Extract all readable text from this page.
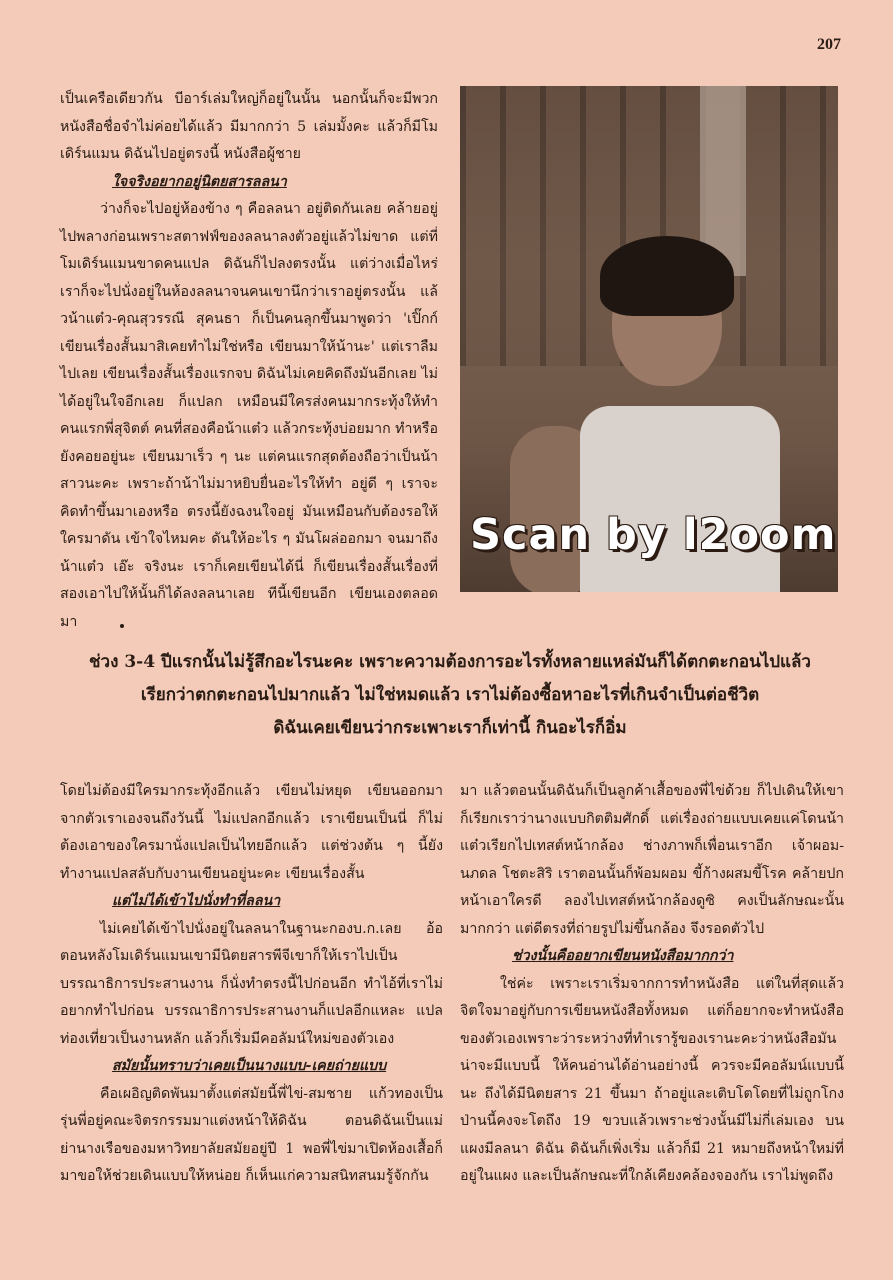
207

เป็นเครือเดียวกัน บีอาร์เล่มใหญ่ก็อยู่ในนั้น นอกนั้นก็จะมีพวกหนังสือชื่อจำไม่ค่อยได้แล้ว มีมากกว่า 5 เล่มมั้งคะ แล้วก็มีโมเดิร์นแมน ดิฉันไปอยู่ตรงนี้ หนังสือผู้ชาย

ใจจริงอยากอยู่นิตยสารลลนา

ว่างก็จะไปอยู่ห้องข้าง ๆ คือลลนา อยู่ติดกันเลย คล้ายอยู่ไปพลางก่อนเพราะสตาฟฟ์ของลลนาลงตัวอยู่แล้วไม่ขาด แต่ที่โมเดิร์นแมนขาดคนแปล ดิฉันก็ไปลงตรงนั้น แต่ว่างเมื่อไหร่เราก็จะไปนั่งอยู่ในห้องลลนาจนคนเขานึกว่าเราอยู่ตรงนั้น แล้วน้าแต๋ว-คุณสุวรรณี สุคนธา ก็เป็นคนลุกขึ้นมาพูดว่า 'เปิ๊กก์ เขียนเรื่องสั้นมาสิเคยทำไม่ใช่หรือ เขียนมาให้น้านะ' แต่เราลืมไปเลย เขียนเรื่องสั้นเรื่องแรกจบ ดิฉันไม่เคยคิดถึงมันอีกเลย ไม่ได้อยู่ในใจอีกเลย ก็แปลก เหมือนมีใครส่งคนมากระทุ้งให้ทำ คนแรกพี่สุจิตต์ คนที่สองคือน้าแต๋ว แล้วกระทุ้งบ่อยมาก ทำหรือยังคอยอยู่นะ เขียนมาเร็ว ๆ นะ แต่คนแรกสุดต้องถือว่าเป็นน้าสาวนะคะ เพราะถ้าน้าไม่มาหยิบยื่นอะไรให้ทำ อยู่ดี ๆ เราจะคิดทำขึ้นมาเองหรือ ตรงนี้ยังฉงนใจอยู่ มันเหมือนกับต้องรอให้ใครมาดัน เข้าใจไหมคะ ดันให้อะไร ๆ มันโผล่ออกมา จนมาถึงน้าแต๋ว เอ๊ะ จริงนะ เราก็เคยเขียนได้นี่ ก็เขียนเรื่องสั้นเรื่องที่สองเอาไปให้นั้นก็ได้ลงลลนาเลย ทีนี้เขียนอีก เขียนเองตลอดมา

Scan by l2oom
ช่วง 3-4 ปีแรกนั้นไม่รู้สึกอะไรนะคะ เพราะความต้องการอะไรทั้งหลายแหล่มันก็ได้ตกตะกอนไปแล้ว
เรียกว่าตกตะกอนไปมากแล้ว ไม่ใช่หมดแล้ว เราไม่ต้องซื้อหาอะไรที่เกินจำเป็นต่อชีวิต
ดิฉันเคยเขียนว่ากระเพาะเราก็เท่านี้ กินอะไรก็อิ่ม

โดยไม่ต้องมีใครมากระทุ้งอีกแล้ว เขียนไม่หยุด เขียนออกมาจากตัวเราเองจนถึงวันนี้ ไม่แปลกอีกแล้ว เราเขียนเป็นนี่ ก็ไม่ต้องเอาของใครมานั่งแปลเป็นไทยอีกแล้ว แต่ช่วงต้น ๆ นี้ยังทำงานแปลสลับกับงานเขียนอยู่นะคะ เขียนเรื่องสั้น

แต่ไม่ได้เข้าไปนั่งทำที่ลลนา

ไม่เคยได้เข้าไปนั่งอยู่ในลลนาในฐานะกองบ.ก.เลย อ้อ ตอนหลังโมเดิร์นแมนเขามีนิตยสารพีจีเขาก็ให้เราไปเป็นบรรณาธิการประสานงาน ก็นั่งทำตรงนี้ไปก่อนอีก ทำไอ้ที่เราไม่อยากทำไปก่อน บรรณาธิการประสานงานก็แปลอีกแหละ แปลท่องเที่ยวเป็นงานหลัก แล้วก็เริ่มมีคอลัมน์ใหม่ของตัวเอง

สมัยนั้นทราบว่าเคยเป็นนางแบบ-เคยถ่ายแบบ

คือเผอิญติดพันมาตั้งแต่สมัยนี้พี่ไข่-สมชาย แก้วทองเป็นรุ่นพี่อยู่คณะจิตรกรรมมาแต่งหน้าให้ดิฉัน ตอนดิฉันเป็นแม่ย่านางเรือของมหาวิทยาลัยสมัยอยู่ปี 1 พอพี่ไข่มาเปิดห้องเสื้อก็มาขอให้ช่วยเดินแบบให้หน่อย ก็เห็นแก่ความสนิทสนมรู้จักกัน

มา แล้วตอนนั้นดิฉันก็เป็นลูกค้าเสื้อของพี่ไข่ด้วย ก็ไปเดินให้เขาก็เรียกเราว่านางแบบกิตติมศักดิ์ แต่เรื่องถ่ายแบบเคยแค่โดนน้าแต๋วเรียกไปเทสต์หน้ากล้อง ช่างภาพก็เพื่อนเราอีก เจ้าผอม-นภดล โชตะสิริ เราตอนนั้นก็พ้อมผอม ขี้ก้างผสมขี้โรค คล้ายปกหน้าเอาใครดี ลองไปเทสต์หน้ากล้องดูซิ คงเป็นลักษณะนั้นมากกว่า แต่ดีตรงที่ถ่ายรูปไม่ขึ้นกล้อง จึงรอดตัวไป

ช่วงนั้นคืออยากเขียนหนังสือมากกว่า

ใช่ค่ะ เพราะเราเริ่มจากการทำหนังสือ แต่ในที่สุดแล้วจิตใจมาอยู่กับการเขียนหนังสือทั้งหมด แต่ก็อยากจะทำหนังสือของตัวเองเพราะว่าระหว่างที่ทำเรารู้ของเรานะคะว่าหนังสือมันน่าจะมีแบบนี้ ให้คนอ่านได้อ่านอย่างนี้ ควรจะมีคอลัมน์แบบนี้นะ ถึงได้มีนิตยสาร 21 ขึ้นมา ถ้าอยู่และเติบโตโดยที่ไม่ถูกโกงป่านนี้คงจะโตถึง 19 ขวบแล้วเพราะช่วงนั้นมีไม่กี่เล่มเอง บนแผงมีลลนา ดิฉัน ดิฉันก็เพิ่งเริ่ม แล้วก็มี 21 หมายถึงหน้าใหม่ที่อยู่ในแผง และเป็นลักษณะที่ใกล้เคียงคล้องจองกัน เราไม่พูดถึง
